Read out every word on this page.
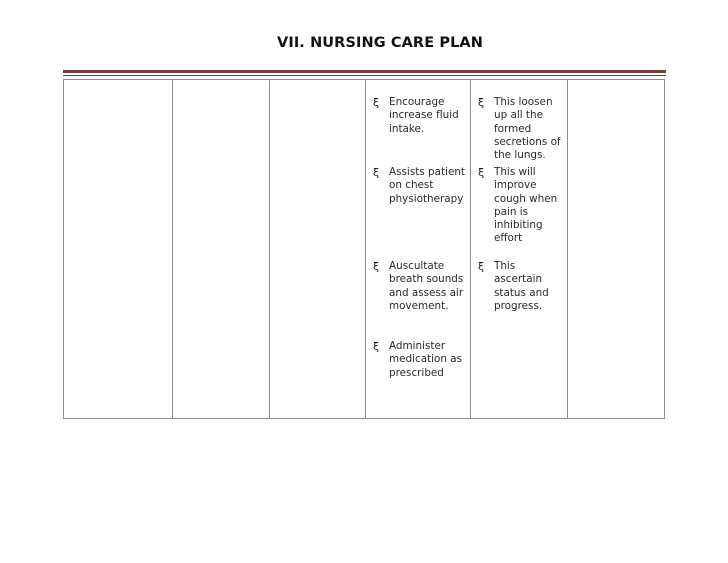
VII. NURSING CARE PLAN
ξ Encourage increase fluid intake.
ξ Assists patient on chest physiotherapy
ξ Auscultate breath sounds and assess air movement.
ξ Administer medication as prescribed
ξ This loosen up all the formed secretions of the lungs.
ξ This will improve cough when pain is inhibiting effort
ξ This ascertain status and progress.
